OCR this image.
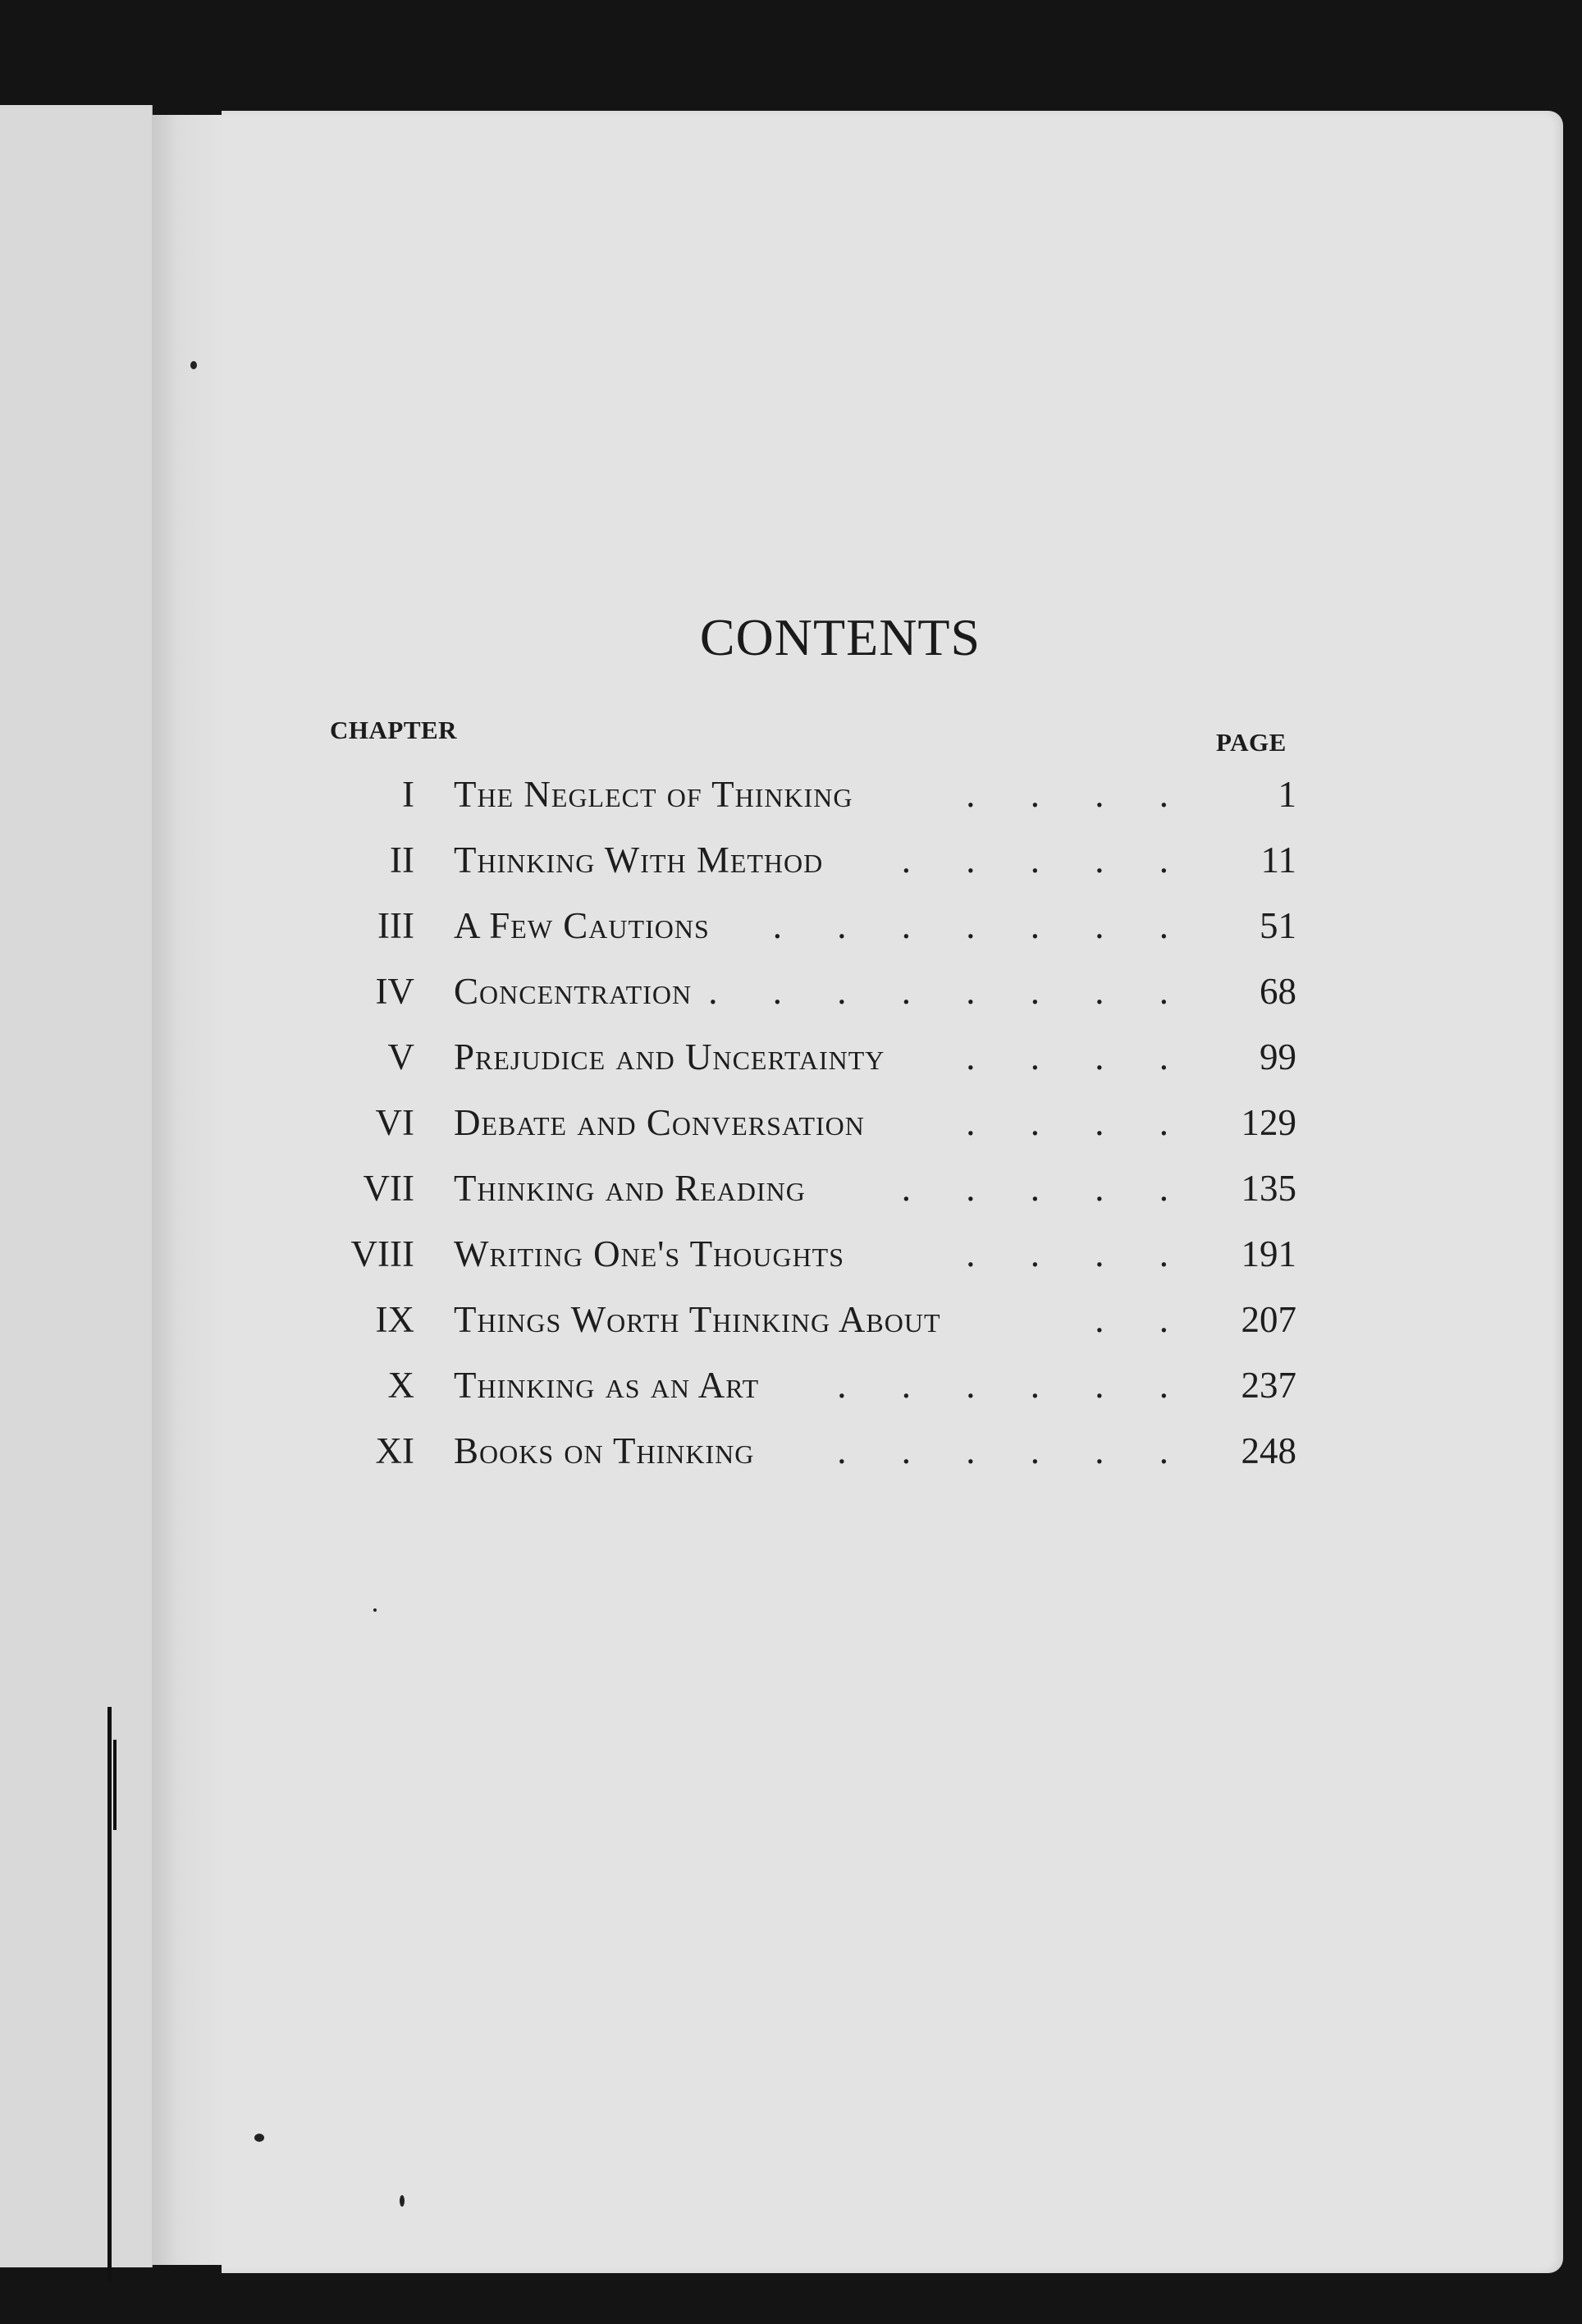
CONTENTS
CHAPTER	PAGE
I The Neglect of Thinking	. . . .	1
II Thinking With Method . . . . .	11
III A Few Cautions . . . . . . .	51
IV Concentration . . . . . . . .	68
V Prejudice and Uncertainty . . . .	99
VI Debate and Conversation	. . . .	129
VII Thinking and Reading	. . . . .	135
VIII Writing One's Thoughts	. . . .	191
IX Things Worth Thinking About	. .	207
X Thinking as an Art . . . . . .	237
XI Books on Thinking . . . . . .	248
